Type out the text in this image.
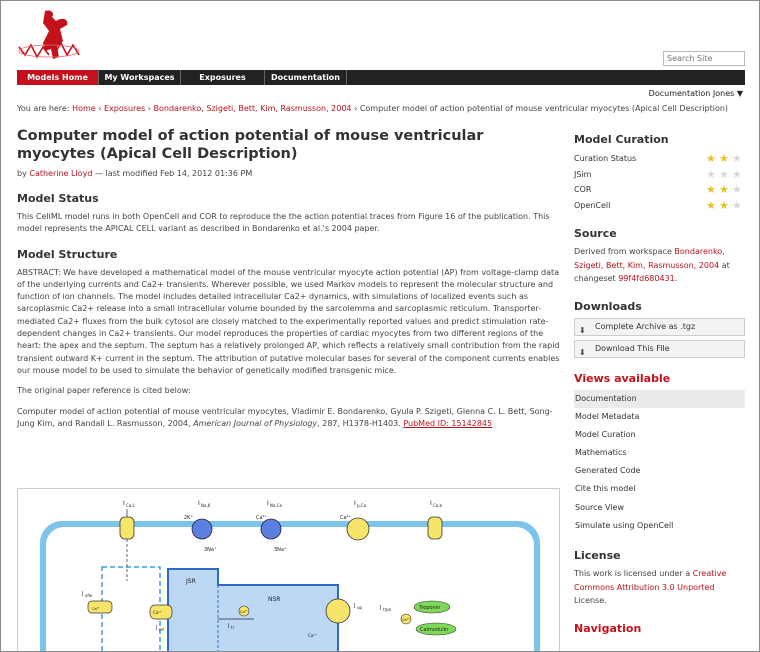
Search Site
Models Home	My Workspaces	Exposures	Documentation
Documentation Jones ▼
You are here: Home › Exposures › Bondarenko, Szigeti, Bett, Kim, Rasmusson, 2004 › Computer model of action potential of mouse ventricular myocytes (Apical Cell Description)
Computer model of action potential of mouse ventricular myocytes (Apical Cell Description)
by Catherine Lloyd — last modified Feb 14, 2012 01:36 PM
Model Status

This CellML model runs in both OpenCell and COR to reproduce the the action potential traces from Figure 16 of the publication. This model represents the APICAL CELL variant as described in Bondarenko et al.'s 2004 paper.

Model Structure

ABSTRACT: We have developed a mathematical model of the mouse ventricular myocyte action potential (AP) from voltage-clamp data of the underlying currents and Ca2+ transients. Wherever possible, we used Markov models to represent the molecular structure and function of ion channels. The model includes detailed intracellular Ca2+ dynamics, with simulations of localized events such as sarcoplasmic Ca2+ release into a small intracellular volume bounded by the sarcolemma and sarcoplasmic reticulum. Transporter-mediated Ca2+ fluxes from the bulk cytosol are closely matched to the experimentally reported values and predict stimulation rate-dependent changes in Ca2+ transients. Our model reproduces the properties of cardiac myocytes from two different regions of the heart: the apex and the septum. The septum has a relatively prolonged AP, which reflects a relatively small contribution from the rapid transient outward K+ current in the septum. The attribution of putative molecular bases for several of the component currents enables our mouse model to be used to simulate the behavior of genetically modified transgenic mice.

The original paper reference is cited below:

Computer model of action potential of mouse ventricular myocytes, Vladimir E. Bondarenko, Gyula P. Szigeti, Glenna C. L. Bett, Song-Jung Kim, and Randall L. Rasmusson, 2004, American Journal of Physiology, 287, H1378-H1403. PubMed ID: 15142845

JSR
NSR
I Ca,L	I Na,K
2K⁺
3Na⁺
I Na,Ca
Ca²⁺
3Na⁺
I p,Ca
Ca²⁺
I Ca,b
J xfer
Ca²⁺
J rel
Ca²⁺
J tr
Ca²⁺
J up	J trpn
Ca²⁺
Troponin
Calmodulin
Ca²⁺
Model Curation
Curation Status	★ ★ ★
JSim	★ ★ ★
COR	★ ★ ★
OpenCell	★ ★ ★
Source

Derived from workspace Bondarenko, Szigeti, Bett, Kim, Rasmusson, 2004 at changeset 99f4fd680431.

Downloads
⬇	Complete Archive as .tgz
⬇	Download This File
Views available
Documentation
Model Metadata
Model Curation
Mathematics
Generated Code
Cite this model
Source View
Simulate using OpenCell
License

This work is licensed under a Creative Commons Attribution 3.0 Unported License.

Navigation
